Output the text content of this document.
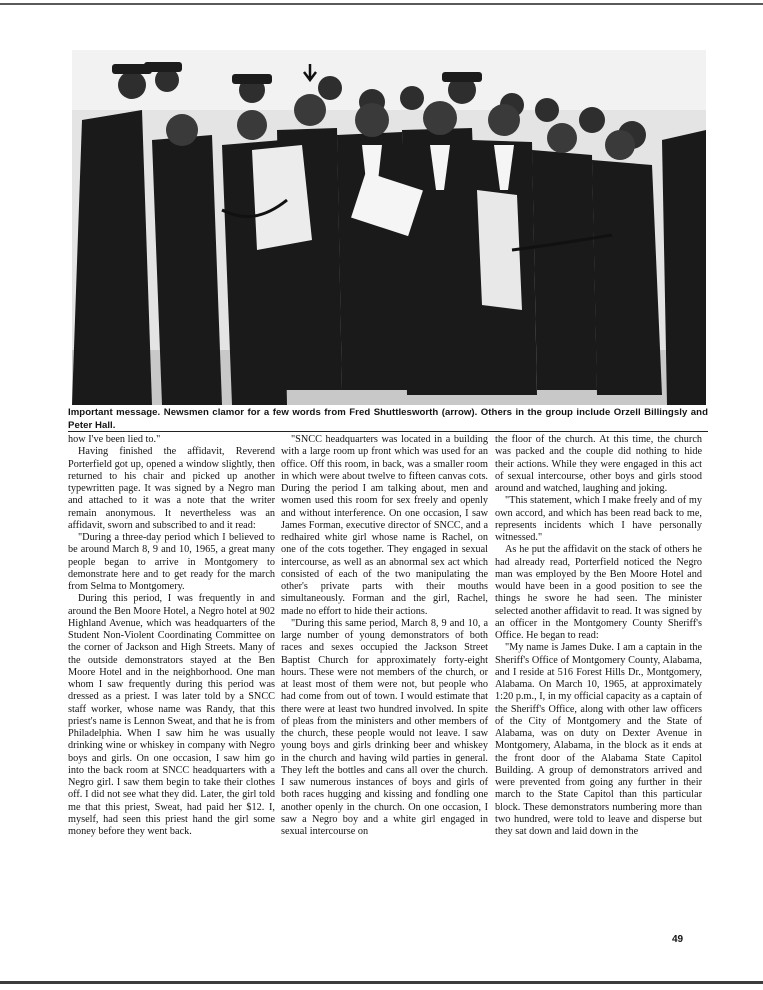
Important message. Newsmen clamor for a few words from Fred Shuttlesworth (arrow). Others in the group include Orzell Billingsly and Peter Hall.

how I've been lied to."

Having finished the affidavit, Reverend Porterfield got up, opened a window slightly, then returned to his chair and picked up another typewritten page. It was signed by a Negro man and attached to it was a note that the writer remain anonymous. It nevertheless was an affidavit, sworn and subscribed to and it read:

"During a three-day period which I believed to be around March 8, 9 and 10, 1965, a great many people began to arrive in Montgomery to demonstrate here and to get ready for the march from Selma to Montgomery.

During this period, I was frequently in and around the Ben Moore Hotel, a Negro hotel at 902 Highland Avenue, which was headquarters of the Student Non-Violent Coordinating Committee on the corner of Jackson and High Streets. Many of the outside demonstrators stayed at the Ben Moore Hotel and in the neighborhood. One man whom I saw frequently during this period was dressed as a priest. I was later told by a SNCC staff worker, whose name was Randy, that this priest's name is Lennon Sweat, and that he is from Philadelphia. When I saw him he was usually drinking wine or whiskey in company with Negro boys and girls. On one occasion, I saw him go into the back room at SNCC headquarters with a Negro girl. I saw them begin to take their clothes off. I did not see what they did. Later, the girl told me that this priest, Sweat, had paid her $12. I, myself, had seen this priest hand the girl some money before they went back.

"SNCC headquarters was located in a building with a large room up front which was used for an office. Off this room, in back, was a smaller room in which were about twelve to fifteen canvas cots. During the period I am talking about, men and women used this room for sex freely and openly and without interference. On one occasion, I saw James Forman, executive director of SNCC, and a redhaired white girl whose name is Rachel, on one of the cots together. They engaged in sexual intercourse, as well as an abnormal sex act which consisted of each of the two manipulating the other's private parts with their mouths simultaneously. Forman and the girl, Rachel, made no effort to hide their actions.

"During this same period, March 8, 9 and 10, a large number of young demonstrators of both races and sexes occupied the Jackson Street Baptist Church for approximately forty-eight hours. These were not members of the church, or at least most of them were not, but people who had come from out of town. I would estimate that there were at least two hundred involved. In spite of pleas from the ministers and other members of the church, these people would not leave. I saw young boys and girls drinking beer and whiskey in the church and having wild parties in general. They left the bottles and cans all over the church. I saw numerous instances of boys and girls of both races hugging and kissing and fondling one another openly in the church. On one occasion, I saw a Negro boy and a white girl engaged in sexual intercourse on

the floor of the church. At this time, the church was packed and the couple did nothing to hide their actions. While they were engaged in this act of sexual intercourse, other boys and girls stood around and watched, laughing and joking.

"This statement, which I make freely and of my own accord, and which has been read back to me, represents incidents which I have personally witnessed."

As he put the affidavit on the stack of others he had already read, Porterfield noticed the Negro man was employed by the Ben Moore Hotel and would have been in a good position to see the things he swore he had seen. The minister selected another affidavit to read. It was signed by an officer in the Montgomery County Sheriff's Office. He began to read:

"My name is James Duke. I am a captain in the Sheriff's Office of Montgomery County, Alabama, and I reside at 516 Forest Hills Dr., Montgomery, Alabama. On March 10, 1965, at approximately 1:20 p.m., I, in my official capacity as a captain of the Sheriff's Office, along with other law officers of the City of Montgomery and the State of Alabama, was on duty on Dexter Avenue in Montgomery, Alabama, in the block as it ends at the front door of the Alabama State Capitol Building. A group of demonstrators arrived and were prevented from going any further in their march to the State Capitol than this particular block. These demonstrators numbering more than two hundred, were told to leave and disperse but they sat down and laid down in the

49
